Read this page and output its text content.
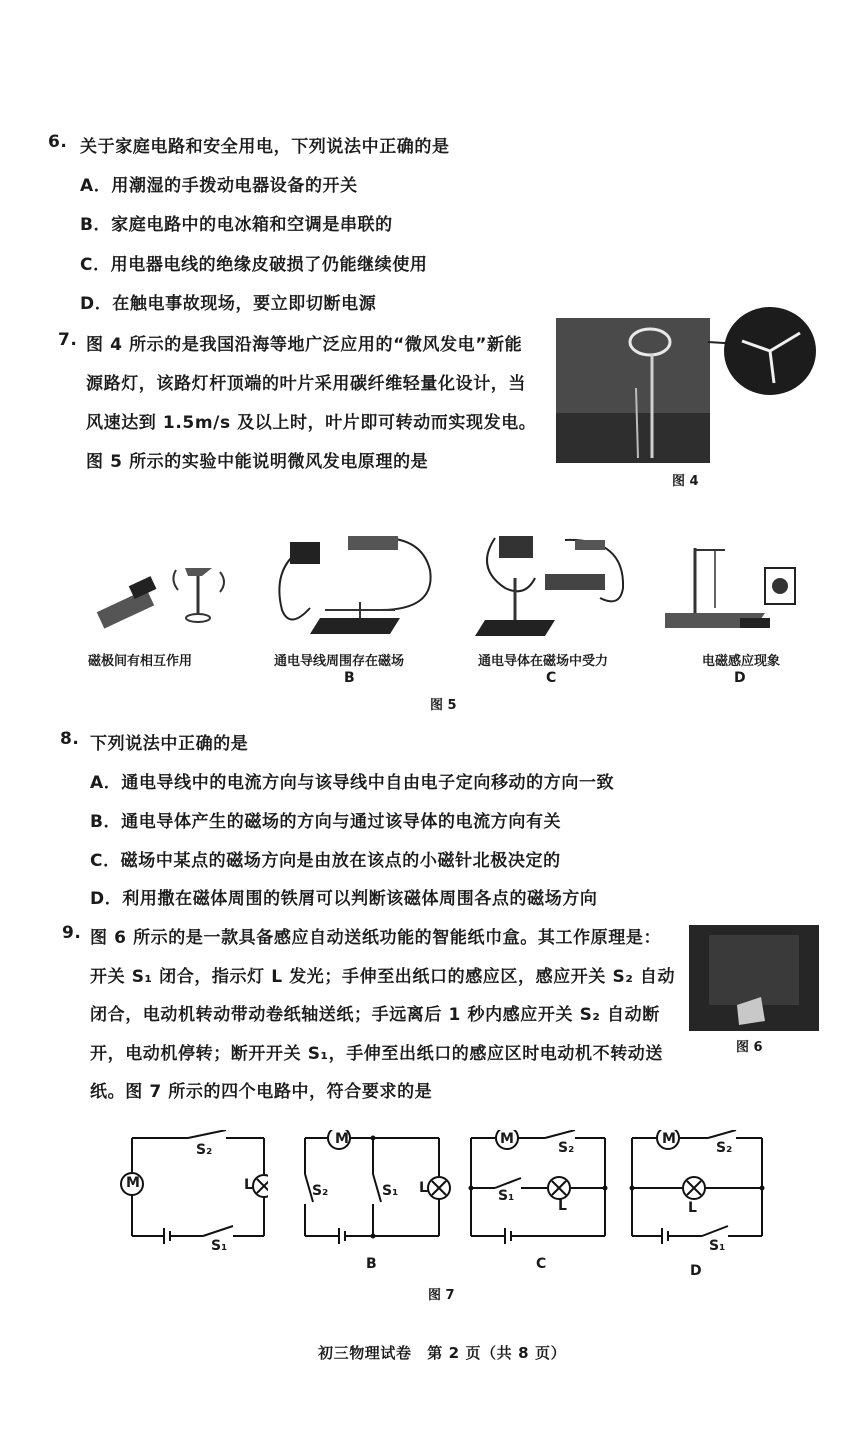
6. 关于家庭电路和安全用电，下列说法中正确的是
A．用潮湿的手拨动电器设备的开关
B．家庭电路中的电冰箱和空调是串联的
C．用电器电线的绝缘皮破损了仍能继续使用
D．在触电事故现场，要立即切断电源
7. 图 4 所示的是我国沿海等地广泛应用的“微风发电”新能
源路灯，该路灯杆顶端的叶片采用碳纤维轻量化设计，当
风速达到 1.5m/s 及以上时，叶片即可转动而实现发电。
图 5 所示的实验中能说明微风发电原理的是
图 4
磁极间有相互作用	通电导线周围存在磁场
B
通电导体在磁场中受力
C
电磁感应现象
D
图 5
8. 下列说法中正确的是
A．通电导线中的电流方向与该导线中自由电子定向移动的方向一致
B．通电导体产生的磁场的方向与通过该导体的电流方向有关
C．磁场中某点的磁场方向是由放在该点的小磁针北极决定的
D．利用撒在磁体周围的铁屑可以判断该磁体周围各点的磁场方向
9. 图 6 所示的是一款具备感应自动送纸功能的智能纸巾盒。其工作原理是：
开关 S₁ 闭合，指示灯 L 发光；手伸至出纸口的感应区，感应开关 S₂ 自动
闭合，电动机转动带动卷纸轴送纸；手远离后 1 秒内感应开关 S₂ 自动断
开，电动机停转；断开开关 S₁，手伸至出纸口的感应区时电动机不转动送
纸。图 7 所示的四个电路中，符合要求的是
图 6
M	L
S₂
S₁
M
S₂	S₁ L
B
M
S₂
S₁
L
C
M
S₂
L
S₁
D
图 7
初三物理试卷　第 2 页（共 8 页）
